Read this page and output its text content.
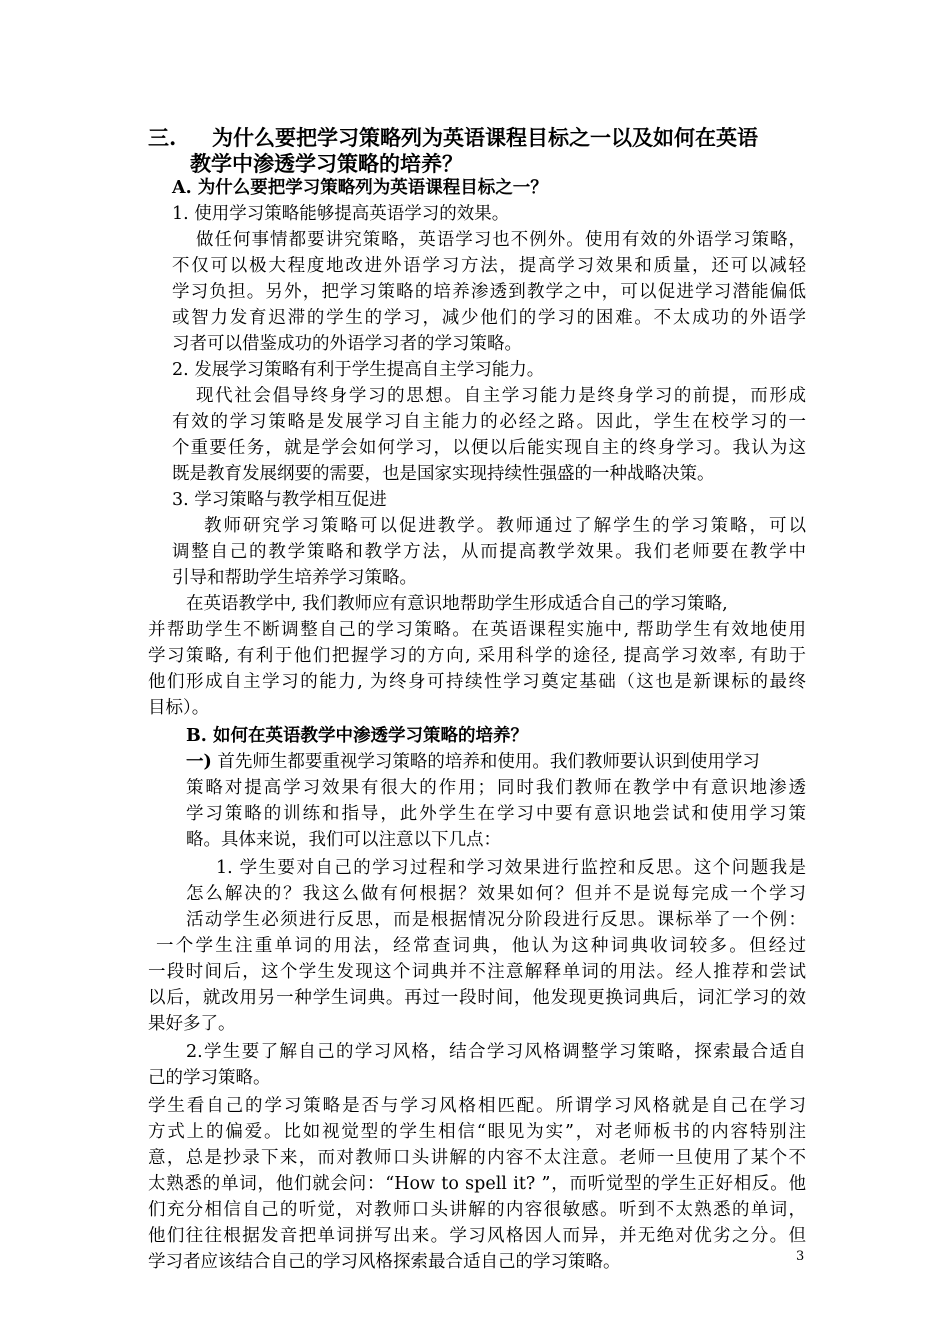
三. 为什么要把学习策略列为英语课程目标之一以及如何在英语
教学中渗透学习策略的培养？
A. 为什么要把学习策略列为英语课程目标之一？
1. 使用学习策略能够提高英语学习的效果。
做任何事情都要讲究策略，英语学习也不例外。使用有效的外语学习策略，
不仅可以极大程度地改进外语学习方法，提高学习效果和质量，还可以减轻
学习负担。另外，把学习策略的培养渗透到教学之中，可以促进学习潜能偏低
或智力发育迟滞的学生的学习，减少他们的学习的困难。不太成功的外语学
习者可以借鉴成功的外语学习者的学习策略。
2. 发展学习策略有利于学生提高自主学习能力。
现代社会倡导终身学习的思想。自主学习能力是终身学习的前提，而形成
有效的学习策略是发展学习自主能力的必经之路。因此，学生在校学习的一
个重要任务，就是学会如何学习，以便以后能实现自主的终身学习。我认为这
既是教育发展纲要的需要，也是国家实现持续性强盛的一种战略决策。
3. 学习策略与教学相互促进
教师研究学习策略可以促进教学。教师通过了解学生的学习策略，可以
调整自己的教学策略和教学方法，从而提高教学效果。我们老师要在教学中
引导和帮助学生培养学习策略。
在英语教学中, 我们教师应有意识地帮助学生形成适合自己的学习策略,
并帮助学生不断调整自己的学习策略。在英语课程实施中, 帮助学生有效地使用
学习策略, 有利于他们把握学习的方向, 采用科学的途径, 提高学习效率, 有助于
他们形成自主学习的能力, 为终身可持续性学习奠定基础（这也是新课标的最终
目标）。
B. 如何在英语教学中渗透学习策略的培养？
一) 首先师生都要重视学习策略的培养和使用。我们教师要认识到使用学习
策略对提高学习效果有很大的作用；同时我们教师在教学中有意识地渗透
学习策略的训练和指导，此外学生在学习中要有意识地尝试和使用学习策
略。具体来说，我们可以注意以下几点：
1. 学生要对自己的学习过程和学习效果进行监控和反思。这个问题我是
怎么解决的？我这么做有何根据？效果如何？但并不是说每完成一个学习
活动学生必须进行反思，而是根据情况分阶段进行反思。课标举了一个例：
一个学生注重单词的用法，经常查词典，他认为这种词典收词较多。但经过
一段时间后，这个学生发现这个词典并不注意解释单词的用法。经人推荐和尝试
以后，就改用另一种学生词典。再过一段时间，他发现更换词典后，词汇学习的效
果好多了。
2.学生要了解自己的学习风格，结合学习风格调整学习策略，探索最合适自
己的学习策略。
学生看自己的学习策略是否与学习风格相匹配。所谓学习风格就是自己在学习
方式上的偏爱。比如视觉型的学生相信“眼见为实”，对老师板书的内容特别注
意，总是抄录下来，而对教师口头讲解的内容不太注意。老师一旦使用了某个不
太熟悉的单词，他们就会问：“How to spell it? ”，而听觉型的学生正好相反。他
们充分相信自己的听觉，对教师口头讲解的内容很敏感。听到不太熟悉的单词，
他们往往根据发音把单词拼写出来。学习风格因人而异，并无绝对优劣之分。但
学习者应该结合自己的学习风格探索最合适自己的学习策略。	3
